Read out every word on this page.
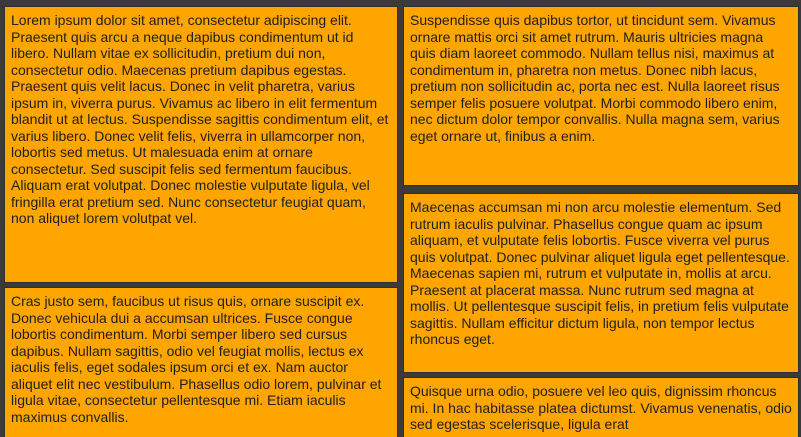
Lorem ipsum dolor sit amet, consectetur adipiscing elit. Praesent quis arcu a neque dapibus condimentum ut id libero. Nullam vitae ex sollicitudin, pretium dui non, consectetur odio. Maecenas pretium dapibus egestas. Praesent quis velit lacus. Donec in velit pharetra, varius ipsum in, viverra purus. Vivamus ac libero in elit fermentum blandit ut at lectus. Suspendisse sagittis condimentum elit, et varius libero. Donec velit felis, viverra in ullamcorper non, lobortis sed metus. Ut malesuada enim at ornare consectetur. Sed suscipit felis sed fermentum faucibus. Aliquam erat volutpat. Donec molestie vulputate ligula, vel fringilla erat pretium sed. Nunc consectetur feugiat quam, non aliquet lorem volutpat vel.

Cras justo sem, faucibus ut risus quis, ornare suscipit ex. Donec vehicula dui a accumsan ultrices. Fusce congue lobortis condimentum. Morbi semper libero sed cursus dapibus. Nullam sagittis, odio vel feugiat mollis, lectus ex iaculis felis, eget sodales ipsum orci et ex. Nam auctor aliquet elit nec vestibulum. Phasellus odio lorem, pulvinar et ligula vitae, consectetur pellentesque mi. Etiam iaculis maximus convallis.

Suspendisse quis dapibus tortor, ut tincidunt sem. Vivamus ornare mattis orci sit amet rutrum. Mauris ultricies magna quis diam laoreet commodo. Nullam tellus nisi, maximus at condimentum in, pharetra non metus. Donec nibh lacus, pretium non sollicitudin ac, porta nec est. Nulla laoreet risus semper felis posuere volutpat. Morbi commodo libero enim, nec dictum dolor tempor convallis. Nulla magna sem, varius eget ornare ut, finibus a enim.

Maecenas accumsan mi non arcu molestie elementum. Sed rutrum iaculis pulvinar. Phasellus congue quam ac ipsum aliquam, et vulputate felis lobortis. Fusce viverra vel purus quis volutpat. Donec pulvinar aliquet ligula eget pellentesque. Maecenas sapien mi, rutrum et vulputate in, mollis at arcu. Praesent at placerat massa. Nunc rutrum sed magna at mollis. Ut pellentesque suscipit felis, in pretium felis vulputate sagittis. Nullam efficitur dictum ligula, non tempor lectus rhoncus eget.

Quisque urna odio, posuere vel leo quis, dignissim rhoncus mi. In hac habitasse platea dictumst. Vivamus venenatis, odio sed egestas scelerisque, ligula erat
